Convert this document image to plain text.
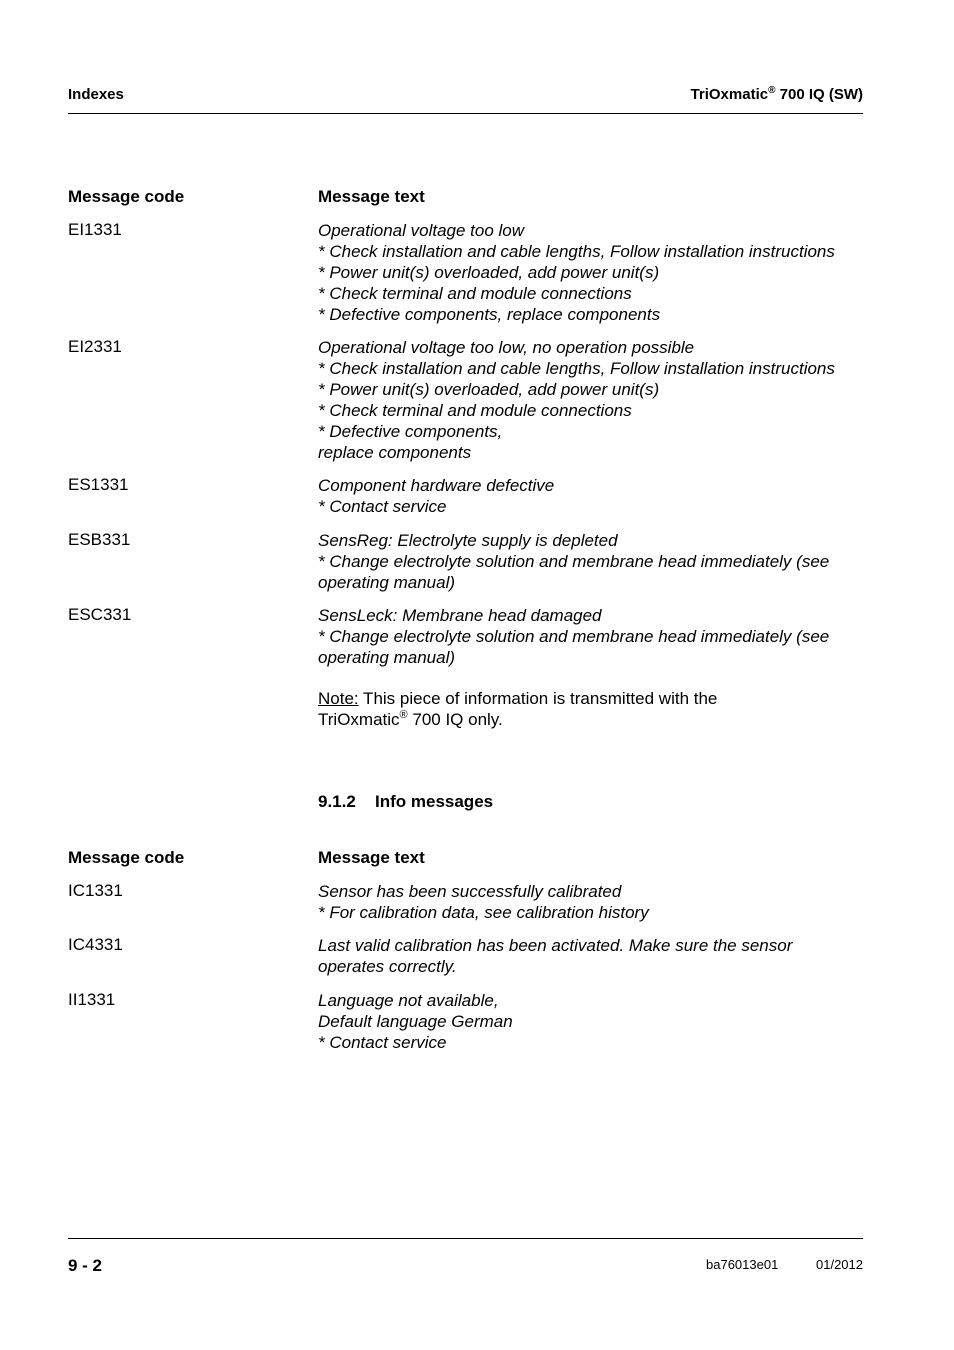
Indexes	TriOxmatic® 700 IQ (SW)
Message code	Message text
EI1331	Operational voltage too low
* Check installation and cable lengths, Follow installation instructions
* Power unit(s) overloaded, add power unit(s)
* Check terminal and module connections
* Defective components, replace components
EI2331	Operational voltage too low, no operation possible
* Check installation and cable lengths, Follow installation instructions
* Power unit(s) overloaded, add power unit(s)
* Check terminal and module connections
* Defective components,
replace components
ES1331	Component hardware defective
* Contact service
ESB331	SensReg: Electrolyte supply is depleted
* Change electrolyte solution and membrane head immediately (see
operating manual)
ESC331	SensLeck: Membrane head damaged
* Change electrolyte solution and membrane head immediately (see
operating manual)
Note: This piece of information is transmitted with the
TriOxmatic® 700 IQ only.
9.1.2 Info messages
Message code	Message text
IC1331	Sensor has been successfully calibrated
* For calibration data, see calibration history
IC4331	Last valid calibration has been activated. Make sure the sensor
operates correctly.
II1331	Language not available,
Default language German
* Contact service
9 - 2	ba76013e01	01/2012
